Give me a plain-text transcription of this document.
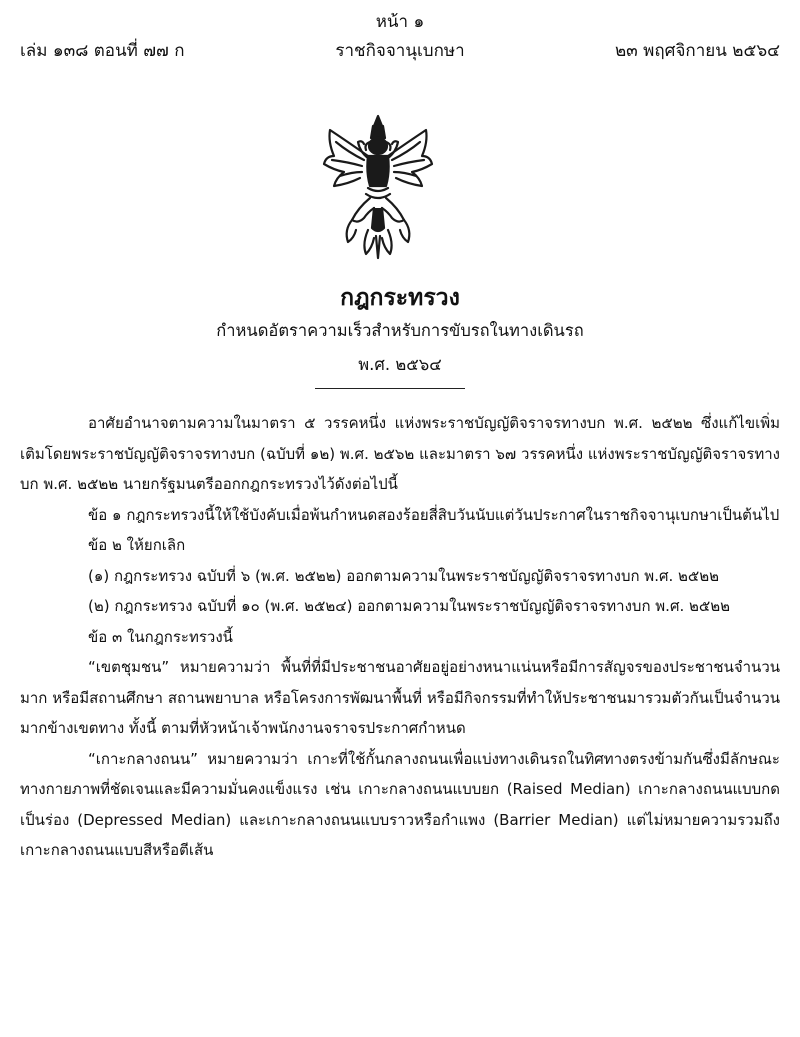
หน้า ๑
เล่ม ๑๓๘ ตอนที่ ๗๗ ก	ราชกิจจานุเบกษา	๒๓ พฤศจิกายน ๒๕๖๔
กฎกระทรวง
กำหนดอัตราความเร็วสำหรับการขับรถในทางเดินรถ
พ.ศ. ๒๕๖๔

อาศัยอำนาจตามความในมาตรา ๕ วรรคหนึ่ง แห่งพระราชบัญญัติจราจรทางบก พ.ศ. ๒๕๒๒ ซึ่งแก้ไขเพิ่มเติมโดยพระราชบัญญัติจราจรทางบก (ฉบับที่ ๑๒) พ.ศ. ๒๕๖๒ และมาตรา ๖๗ วรรคหนึ่ง แห่งพระราชบัญญัติจราจรทางบก พ.ศ. ๒๕๒๒ นายกรัฐมนตรีออกกฎกระทรวงไว้ดังต่อไปนี้

ข้อ ๑ กฎกระทรวงนี้ให้ใช้บังคับเมื่อพ้นกำหนดสองร้อยสี่สิบวันนับแต่วันประกาศในราชกิจจานุเบกษาเป็นต้นไป

ข้อ ๒ ให้ยกเลิก

(๑) กฎกระทรวง ฉบับที่ ๖ (พ.ศ. ๒๕๒๒) ออกตามความในพระราชบัญญัติจราจรทางบก พ.ศ. ๒๕๒๒

(๒) กฎกระทรวง ฉบับที่ ๑๐ (พ.ศ. ๒๕๒๔) ออกตามความในพระราชบัญญัติจราจรทางบก พ.ศ. ๒๕๒๒

ข้อ ๓ ในกฎกระทรวงนี้

“เขตชุมชน” หมายความว่า พื้นที่ที่มีประชาชนอาศัยอยู่อย่างหนาแน่นหรือมีการสัญจรของประชาชนจำนวนมาก หรือมีสถานศึกษา สถานพยาบาล หรือโครงการพัฒนาพื้นที่ หรือมีกิจกรรมที่ทำให้ประชาชนมารวมตัวกันเป็นจำนวนมากข้างเขตทาง ทั้งนี้ ตามที่หัวหน้าเจ้าพนักงานจราจรประกาศกำหนด

“เกาะกลางถนน” หมายความว่า เกาะที่ใช้กั้นกลางถนนเพื่อแบ่งทางเดินรถในทิศทางตรงข้ามกันซึ่งมีลักษณะทางกายภาพที่ชัดเจนและมีความมั่นคงแข็งแรง เช่น เกาะกลางถนนแบบยก (Raised Median) เกาะกลางถนนแบบกดเป็นร่อง (Depressed Median) และเกาะกลางถนนแบบราวหรือกำแพง (Barrier Median) แต่ไม่หมายความรวมถึง เกาะกลางถนนแบบสีหรือตีเส้น
